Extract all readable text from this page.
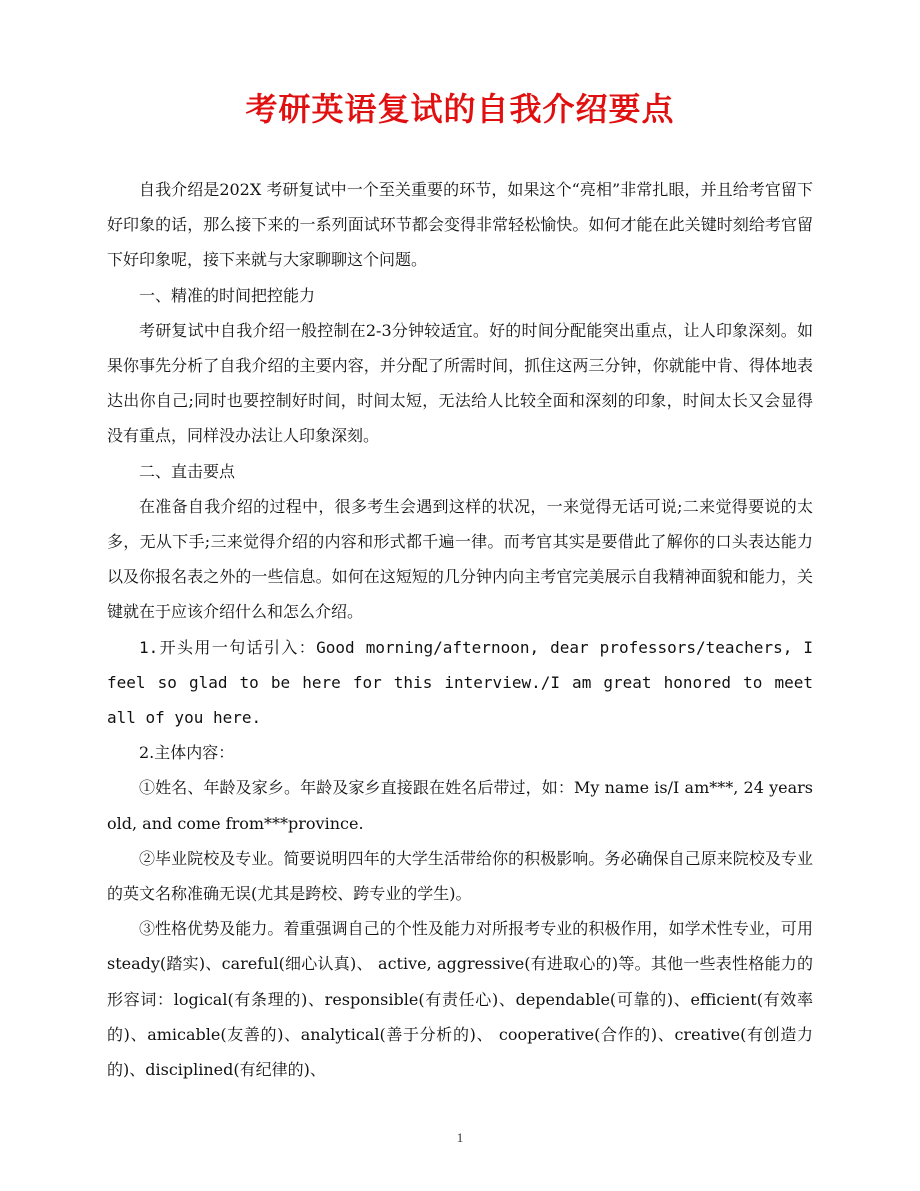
考研英语复试的自我介绍要点

自我介绍是202X 考研复试中一个至关重要的环节，如果这个“亮相”非常扎眼，并且给考官留下好印象的话，那么接下来的一系列面试环节都会变得非常轻松愉快。如何才能在此关键时刻给考官留下好印象呢，接下来就与大家聊聊这个问题。

一、精准的时间把控能力

考研复试中自我介绍一般控制在2-3分钟较适宜。好的时间分配能突出重点，让人印象深刻。如果你事先分析了自我介绍的主要内容，并分配了所需时间，抓住这两三分钟，你就能中肯、得体地表达出你自己;同时也要控制好时间，时间太短，无法给人比较全面和深刻的印象，时间太长又会显得没有重点，同样没办法让人印象深刻。

二、直击要点

在准备自我介绍的过程中，很多考生会遇到这样的状况，一来觉得无话可说;二来觉得要说的太多，无从下手;三来觉得介绍的内容和形式都千遍一律。而考官其实是要借此了解你的口头表达能力以及你报名表之外的一些信息。如何在这短短的几分钟内向主考官完美展示自我精神面貌和能力，关键就在于应该介绍什么和怎么介绍。

1.开头用一句话引入：Good morning/afternoon, dear professors/teachers, I feel so glad to be here for this interview./I am great honored to meet all of you here.

2.主体内容：

①姓名、年龄及家乡。年龄及家乡直接跟在姓名后带过，如：My name is/I am***, 24 years old, and come from***province.

②毕业院校及专业。简要说明四年的大学生活带给你的积极影响。务必确保自己原来院校及专业的英文名称准确无误(尤其是跨校、跨专业的学生)。

③性格优势及能力。着重强调自己的个性及能力对所报考专业的积极作用，如学术性专业，可用steady(踏实)、careful(细心认真)、 active, aggressive(有进取心的)等。其他一些表性格能力的形容词：logical(有条理的)、responsible(有责任心)、dependable(可靠的)、efficient(有效率的)、amicable(友善的)、analytical(善于分析的)、 cooperative(合作的)、creative(有创造力的)、disciplined(有纪律的)、

1
